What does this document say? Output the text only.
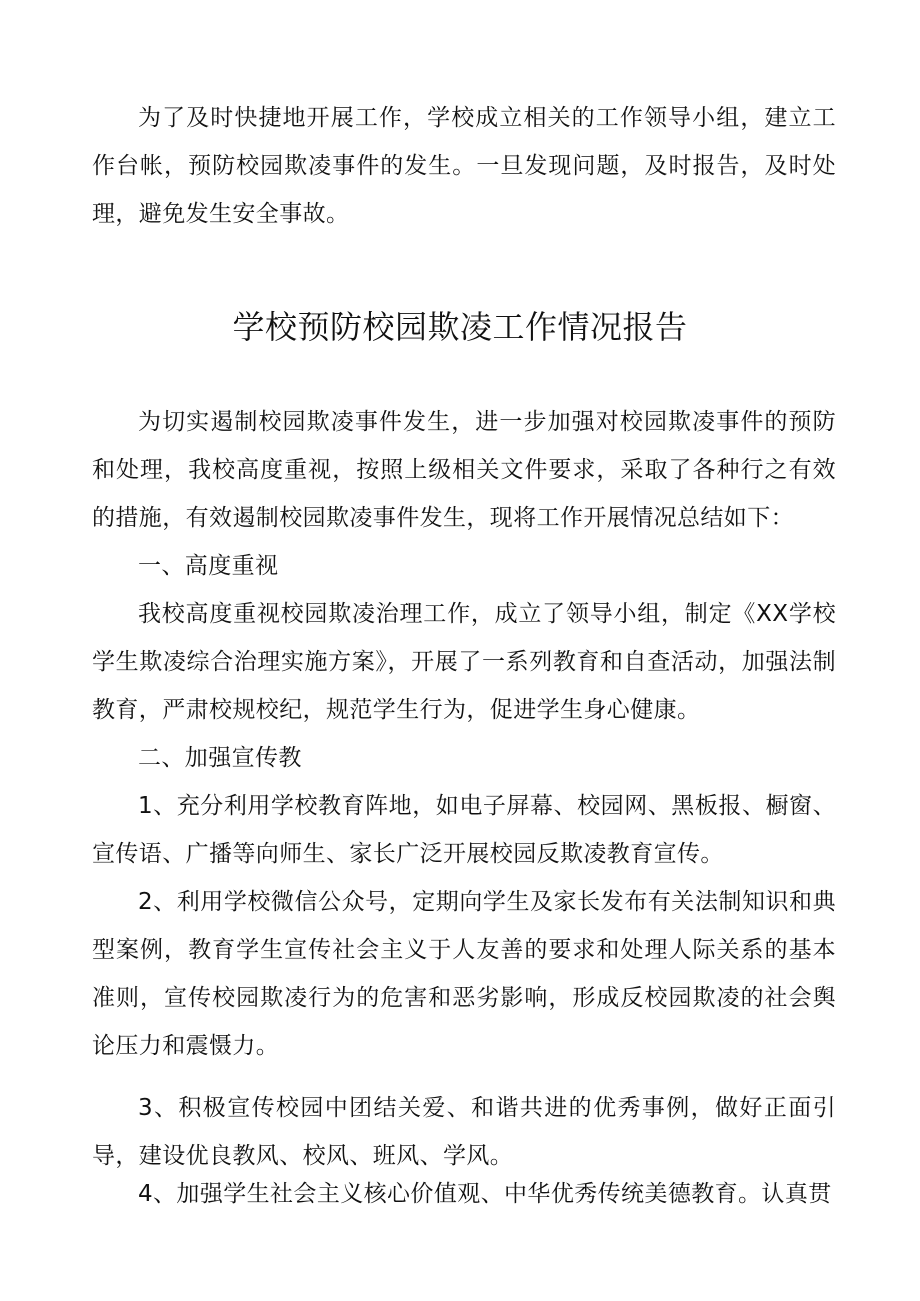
为了及时快捷地开展工作，学校成立相关的工作领导小组，建立工作台帐，预防校园欺凌事件的发生。一旦发现问题，及时报告，及时处理，避免发生安全事故。

学校预防校园欺凌工作情况报告

为切实遏制校园欺凌事件发生，进一步加强对校园欺凌事件的预防和处理，我校高度重视，按照上级相关文件要求，采取了各种行之有效的措施，有效遏制校园欺凌事件发生，现将工作开展情况总结如下：

一、高度重视

我校高度重视校园欺凌治理工作，成立了领导小组，制定《XX学校学生欺凌综合治理实施方案》，开展了一系列教育和自查活动，加强法制教育，严肃校规校纪，规范学生行为，促进学生身心健康。

二、加强宣传教

1、充分利用学校教育阵地，如电子屏幕、校园网、黑板报、橱窗、宣传语、广播等向师生、家长广泛开展校园反欺凌教育宣传。

2、利用学校微信公众号，定期向学生及家长发布有关法制知识和典型案例，教育学生宣传社会主义于人友善的要求和处理人际关系的基本准则，宣传校园欺凌行为的危害和恶劣影响，形成反校园欺凌的社会舆论压力和震慑力。

3、积极宣传校园中团结关爱、和谐共进的优秀事例，做好正面引导，建设优良教风、校风、班风、学风。

4、加强学生社会主义核心价值观、中华优秀传统美德教育。认真贯
